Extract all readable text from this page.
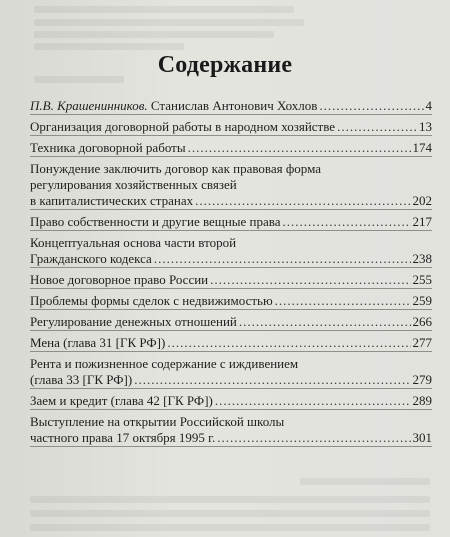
Содержание
П.В. Крашенинников. Станислав Антонович Хохлов .....	4
Организация договорной работы в народном хозяйстве .....	13
Техника договорной работы .....	174
Понуждение заключить договор как правовая форма
регулирования хозяйственных связей
в капиталистических странах .....	202
Право собственности и другие вещные права .....	217
Концептуальная основа части второй
Гражданского кодекса .....	238
Новое договорное право России .....	255
Проблемы формы сделок с недвижимостью .....	259
Регулирование денежных отношений .....	266
Мена (глава 31 [ГК РФ]) .....	277
Рента и пожизненное содержание с иждивением
(глава 33 [ГК РФ]) .....	279
Заем и кредит (глава 42 [ГК РФ]) .....	289
Выступление на открытии Российской школы
частного права 17 октября 1995 г. .....	301
